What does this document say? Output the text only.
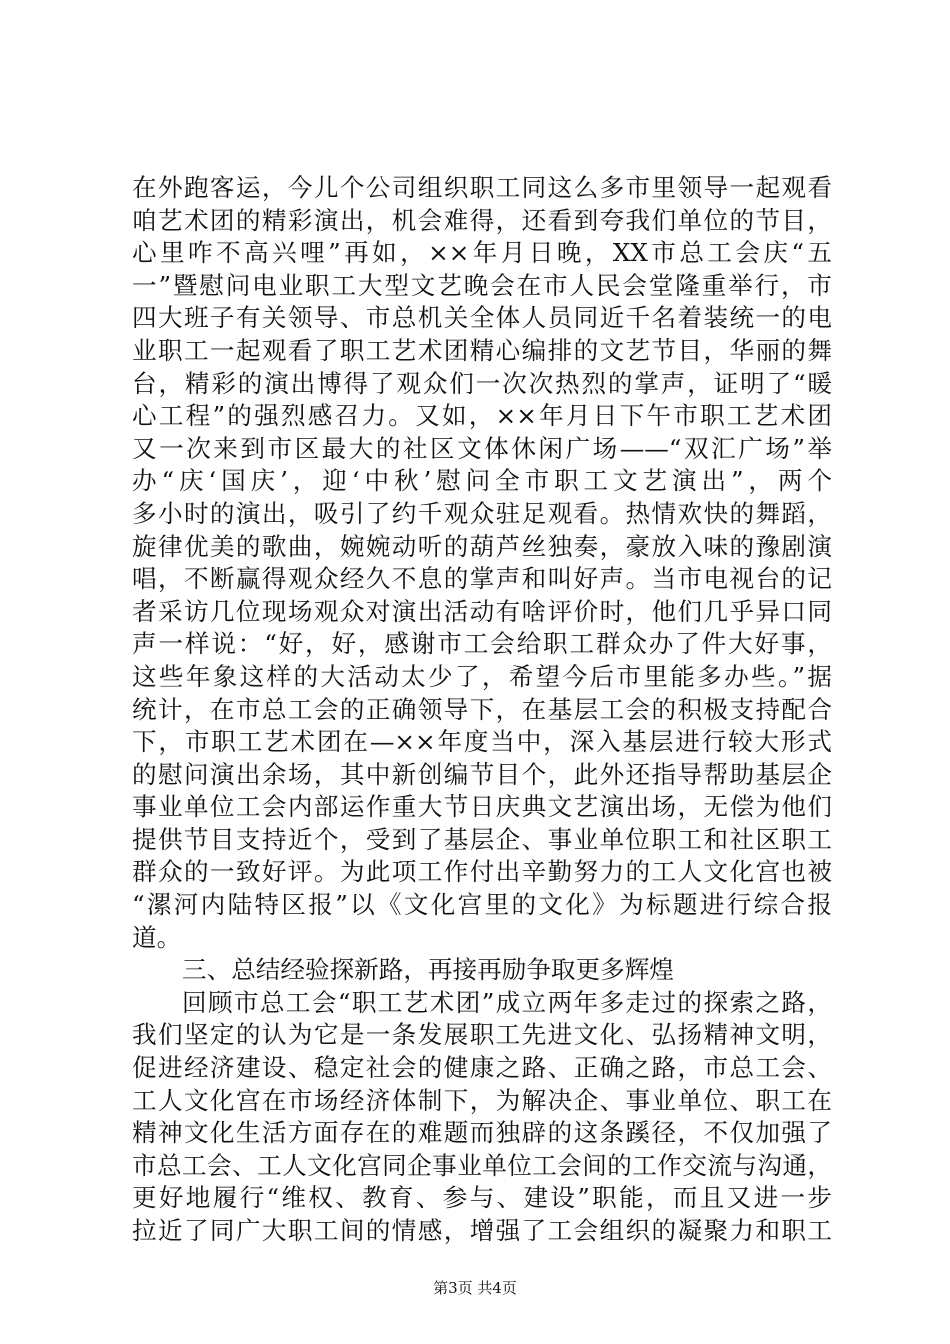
在外跑客运，今儿个公司组织职工同这么多市里领导一起观看
咱艺术团的精彩演出，机会难得，还看到夸我们单位的节目，
心里咋不高兴哩”再如，××年月日晚，XX市总工会庆“五
一”暨慰问电业职工大型文艺晚会在市人民会堂隆重举行，市
四大班子有关领导、市总机关全体人员同近千名着装统一的电
业职工一起观看了职工艺术团精心编排的文艺节目，华丽的舞
台，精彩的演出博得了观众们一次次热烈的掌声，证明了“暖
心工程”的强烈感召力。又如，××年月日下午市职工艺术团
又一次来到市区最大的社区文体休闲广场——“双汇广场”举
办“庆‘国庆’，迎‘中秋’慰问全市职工文艺演出”，两个
多小时的演出，吸引了约千观众驻足观看。热情欢快的舞蹈，
旋律优美的歌曲，婉婉动听的葫芦丝独奏，豪放入味的豫剧演
唱，不断赢得观众经久不息的掌声和叫好声。当市电视台的记
者采访几位现场观众对演出活动有啥评价时，他们几乎异口同
声一样说：“好，好，感谢市工会给职工群众办了件大好事，
这些年象这样的大活动太少了，希望今后市里能多办些。”据
统计，在市总工会的正确领导下，在基层工会的积极支持配合
下，市职工艺术团在—××年度当中，深入基层进行较大形式
的慰问演出余场，其中新创编节目个，此外还指导帮助基层企
事业单位工会内部运作重大节日庆典文艺演出场，无偿为他们
提供节目支持近个，受到了基层企、事业单位职工和社区职工
群众的一致好评。为此项工作付出辛勤努力的工人文化宫也被
“漯河内陆特区报”以《文化宫里的文化》为标题进行综合报
道。
三、总结经验探新路，再接再励争取更多辉煌
回顾市总工会“职工艺术团”成立两年多走过的探索之路，
我们坚定的认为它是一条发展职工先进文化、弘扬精神文明，
促进经济建设、稳定社会的健康之路、正确之路，市总工会、
工人文化宫在市场经济体制下，为解决企、事业单位、职工在
精神文化生活方面存在的难题而独辟的这条蹊径，不仅加强了
市总工会、工人文化宫同企事业单位工会间的工作交流与沟通，
更好地履行“维权、教育、参与、建设”职能，而且又进一步
拉近了同广大职工间的情感，增强了工会组织的凝聚力和职工
第3页 共4页
